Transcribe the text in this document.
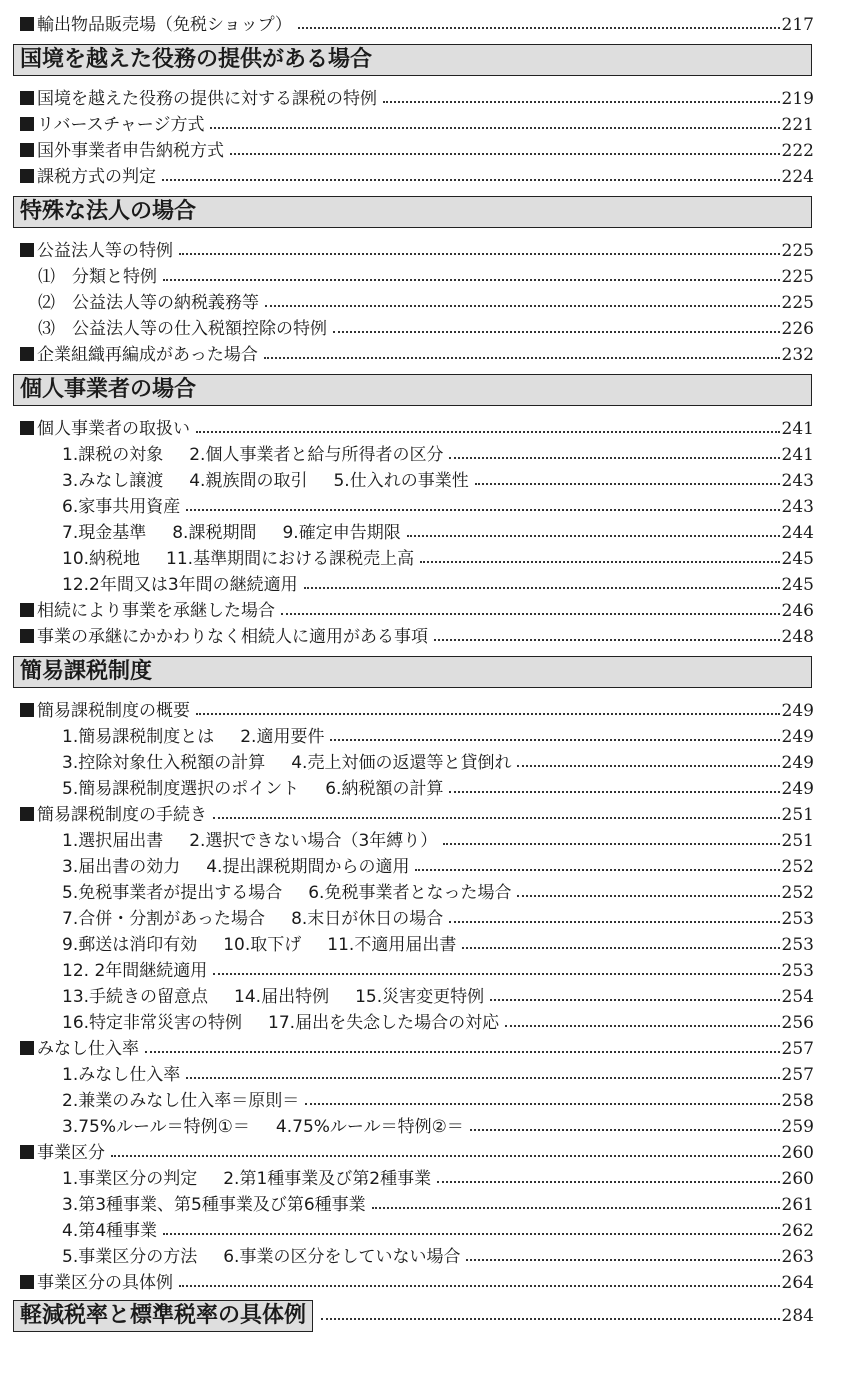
輸出物品販売場（免税ショップ）	217
国境を越えた役務の提供がある場合
国境を越えた役務の提供に対する課税の特例	219
リバースチャージ方式	221
国外事業者申告納税方式	222
課税方式の判定	224
特殊な法人の場合
公益法人等の特例	225
⑴　分類と特例	225
⑵　公益法人等の納税義務等	225
⑶　公益法人等の仕入税額控除の特例	226
企業組織再編成があった場合	232
個人事業者の場合
個人事業者の取扱い	241
1.課税の対象 2.個人事業者と給与所得者の区分	241
3.みなし譲渡 4.親族間の取引 5.仕入れの事業性	243
6.家事共用資産	243
7.現金基準 8.課税期間 9.確定申告期限	244
10.納税地 11.基準期間における課税売上高	245
12.2年間又は3年間の継続適用	245
相続により事業を承継した場合	246
事業の承継にかかわりなく相続人に適用がある事項	248
簡易課税制度
簡易課税制度の概要	249
1.簡易課税制度とは 2.適用要件	249
3.控除対象仕入税額の計算 4.売上対価の返還等と貸倒れ	249
5.簡易課税制度選択のポイント 6.納税額の計算	249
簡易課税制度の手続き	251
1.選択届出書 2.選択できない場合（3年縛り）	251
3.届出書の効力 4.提出課税期間からの適用	252
5.免税事業者が提出する場合 6.免税事業者となった場合	252
7.合併・分割があった場合 8.末日が休日の場合	253
9.郵送は消印有効 10.取下げ 11.不適用届出書	253
12. 2年間継続適用	253
13.手続きの留意点 14.届出特例 15.災害変更特例	254
16.特定非常災害の特例 17.届出を失念した場合の対応	256
みなし仕入率	257
1.みなし仕入率	257
2.兼業のみなし仕入率＝原則＝	258
3.75%ルール＝特例①＝ 4.75%ルール＝特例②＝	259
事業区分	260
1.事業区分の判定 2.第1種事業及び第2種事業	260
3.第3種事業、第5種事業及び第6種事業	261
4.第4種事業	262
5.事業区分の方法 6.事業の区分をしていない場合	263
事業区分の具体例	264
軽減税率と標準税率の具体例	284
